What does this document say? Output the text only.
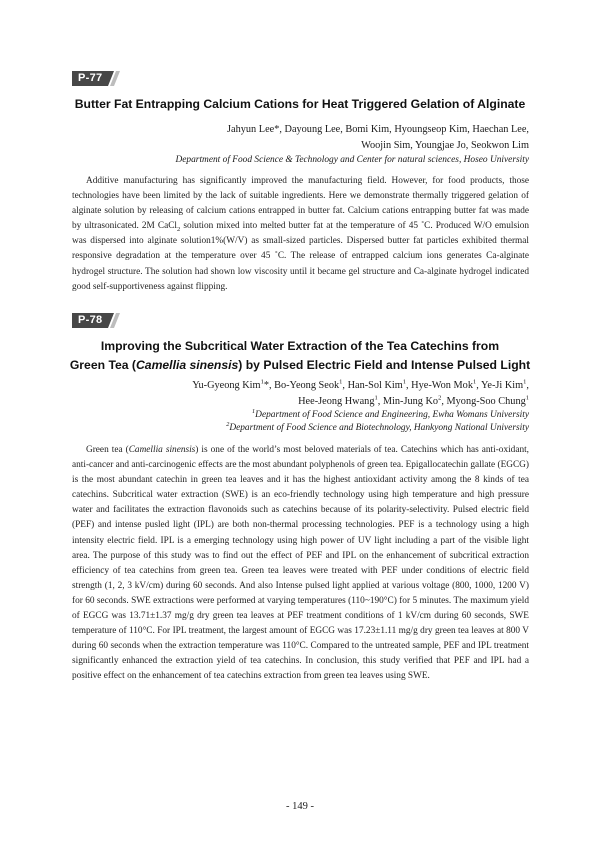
P-77
Butter Fat Entrapping Calcium Cations for Heat Triggered Gelation of Alginate
Jahyun Lee*, Dayoung Lee, Bomi Kim, Hyoungseop Kim, Haechan Lee,
Woojin Sim, Youngjae Jo, Seokwon Lim
Department of Food Science & Technology and Center for natural sciences, Hoseo University

Additive manufacturing has significantly improved the manufacturing field. However, for food products, those technologies have been limited by the lack of suitable ingredients. Here we demonstrate thermally triggered gelation of alginate solution by releasing of calcium cations entrapped in butter fat. Calcium cations entrapping butter fat was made by ultrasonicated. 2M CaCl$_2$ solution mixed into melted butter fat at the temperature of 45 ˚C. Produced W/O emulsion was dispersed into alginate solution1%(W/V) as small-sized particles. Dispersed butter fat particles exhibited thermal responsive degradation at the temperature over 45 ˚C. The release of entrapped calcium ions generates Ca-alginate hydrogel structure. The solution had shown low viscosity until it became gel structure and Ca-alginate hydrogel indicated good self-supportiveness against flipping.

P-78
Improving the Subcritical Water Extraction of the Tea Catechins from
Green Tea (Camellia sinensis) by Pulsed Electric Field and Intense Pulsed Light
Yu-Gyeong Kim$^1$*, Bo-Yeong Seok$^1$, Han-Sol Kim$^1$, Hye-Won Mok$^1$, Ye-Ji Kim$^1$,
Hee-Jeong Hwang$^1$, Min-Jung Ko$^2$, Myong-Soo Chung$^1$
$^1$Department of Food Science and Engineering, Ewha Womans University
$^2$Department of Food Science and Biotechnology, Hankyong National University

Green tea (Camellia sinensis) is one of the world’s most beloved materials of tea. Catechins which has anti-oxidant, anti-cancer and anti-carcinogenic effects are the most abundant polyphenols of green tea. Epigallocatechin gallate (EGCG) is the most abundant catechin in green tea leaves and it has the highest antioxidant activity among the 8 kinds of tea catechins. Subcritical water extraction (SWE) is an eco-friendly technology using high temperature and high pressure water and facilitates the extraction flavonoids such as catechins because of its polarity-selectivity. Pulsed electric field (PEF) and intense pusled light (IPL) are both non-thermal processing technologies. PEF is a technology using a high intensity electric field. IPL is a emerging technology using high power of UV light including a part of the visible light area. The purpose of this study was to find out the effect of PEF and IPL on the enhancement of subcritical extraction efficiency of tea catechins from green tea. Green tea leaves were treated with PEF under conditions of electric field strength (1, 2, 3 kV/cm) during 60 seconds. And also Intense pulsed light applied at various voltage (800, 1000, 1200 V) for 60 seconds. SWE extractions were performed at varying temperatures (110~190°C) for 5 minutes. The maximum yield of EGCG was 13.71±1.37 mg/g dry green tea leaves at PEF treatment conditions of 1 kV/cm during 60 seconds, SWE temperature of 110°C. For IPL treatment, the largest amount of EGCG was 17.23±1.11 mg/g dry green tea leaves at 800 V during 60 seconds when the extraction temperature was 110°C. Compared to the untreated sample, PEF and IPL treatment significantly enhanced the extraction yield of tea catechins. In conclusion, this study verified that PEF and IPL had a positive effect on the enhancement of tea catechins extraction from green tea leaves using SWE.

- 149 -
